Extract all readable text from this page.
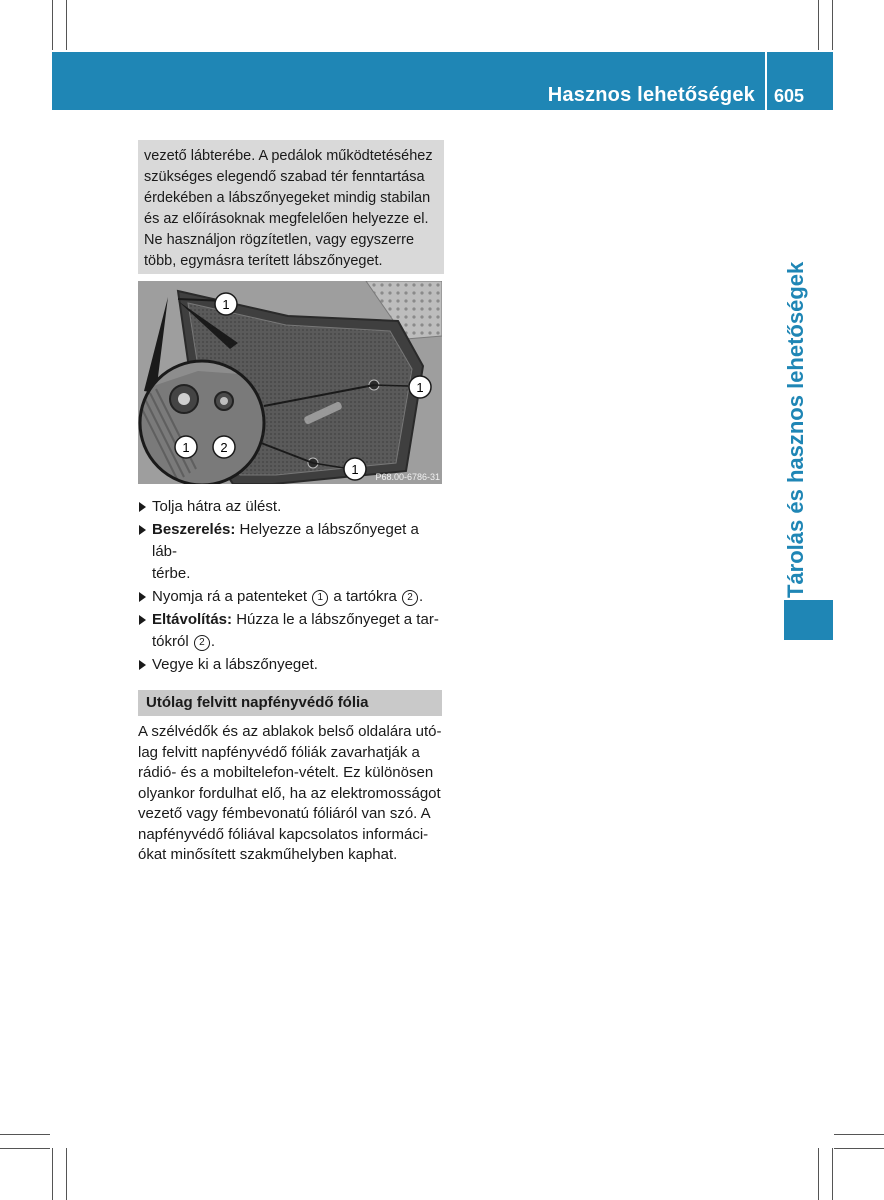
Hasznos lehetőségek 605
Tárolás és hasznos lehetőségek

vezető lábterébe. A pedálok működtetéséhez

szükséges elegendő szabad tér fenntartása

érdekében a lábszőnyegeket mindig stabilan

és az előírásoknak megfelelően helyezze el.

Ne használjon rögzítetlen, vagy egyszerre

több, egymásra terített lábszőnyeget.

1
1
1 2
1 P68.00-6786-31
Tolja hátra az ülést.
Beszerelés: Helyezze a lábszőnyeget a láb-
térbe.
Nyomja rá a patenteket 1 a tartókra 2 .
Eltávolítás: Húzza le a lábszőnyeget a tar-
tókról 2 .
Vegye ki a lábszőnyeget.
Utólag felvitt napfényvédő fólia
A szélvédők és az ablakok belső oldalára utó-
lag felvitt napfényvédő fóliák zavarhatják a
rádió- és a mobiltelefon-vételt. Ez különösen
olyankor fordulhat elő, ha az elektromosságot
vezető vagy fémbevonatú fóliáról van szó. A
napfényvédő fóliával kapcsolatos informáci-
ókat minősített szakműhelyben kaphat.
